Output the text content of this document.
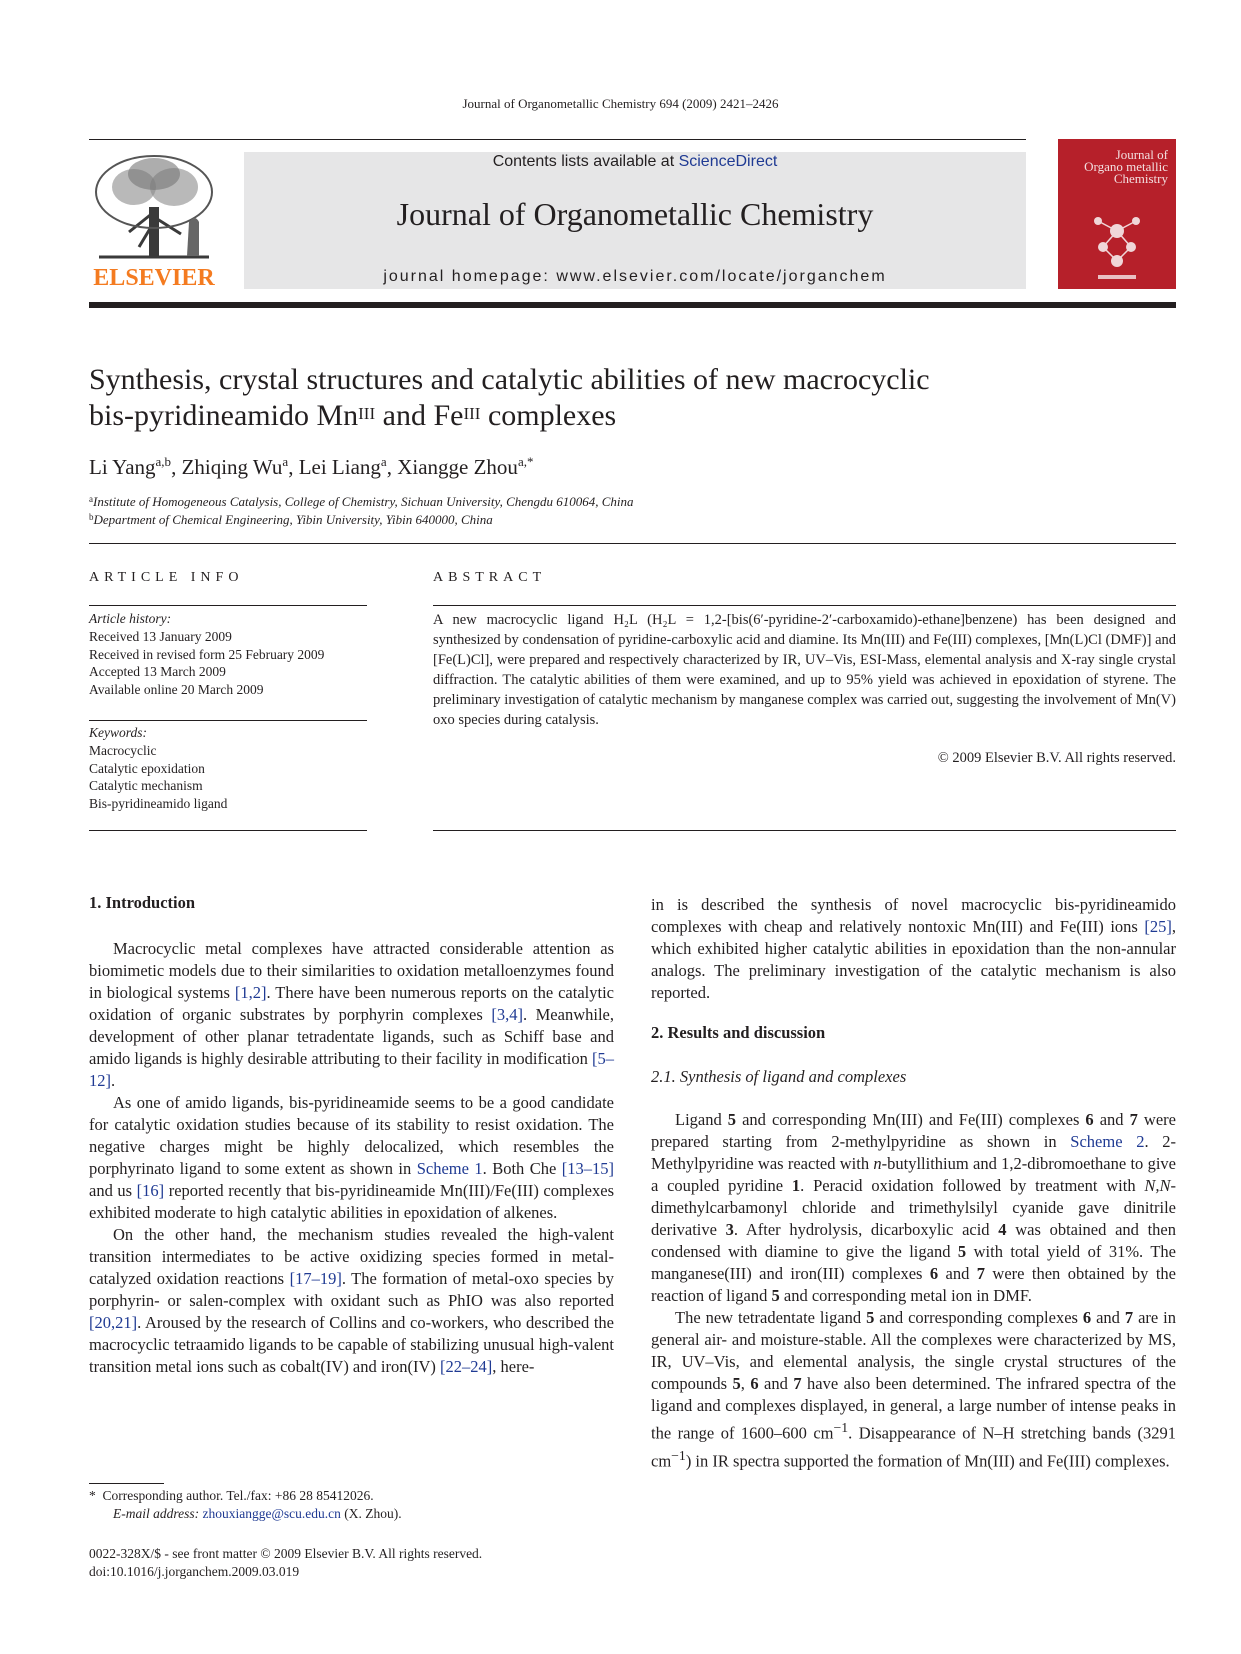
Journal of Organometallic Chemistry 694 (2009) 2421–2426
ELSEVIER
Contents lists available at ScienceDirect
Journal of Organometallic Chemistry
journal homepage: www.elsevier.com/locate/jorganchem
Journal of Organo metallic Chemistry
Synthesis, crystal structures and catalytic abilities of new macrocyclic
bis-pyridineamido $Mn^{III}$ and $Fe^{III}$ complexes
Li Yang$^{a,b}$, Zhiqing Wu$^a$, Lei Liang$^a$, Xiangge Zhou$^{a,*}$
$^a$Institute of Homogeneous Catalysis, College of Chemistry, Sichuan University, Chengdu 610064, China
$^b$Department of Chemical Engineering, Yibin University, Yibin 640000, China
ARTICLE INFO	ABSTRACT
Article history:
Received 13 January 2009
Received in revised form 25 February 2009
Accepted 13 March 2009
Available online 20 March 2009
Keywords:
Macrocyclic
Catalytic epoxidation
Catalytic mechanism
Bis-pyridineamido ligand
A new macrocyclic ligand H₂L (H₂L = 1,2-[bis(6′-pyridine-2′-carboxamido)-ethane]benzene) has been designed and synthesized by condensation of pyridine-carboxylic acid and diamine. Its Mn(III) and Fe(III) complexes, [Mn(L)Cl (DMF)] and [Fe(L)Cl], were prepared and respectively characterized by IR, UV–Vis, ESI-Mass, elemental analysis and X-ray single crystal diffraction. The catalytic abilities of them were examined, and up to 95% yield was achieved in epoxidation of styrene. The preliminary investigation of catalytic mechanism by manganese complex was carried out, suggesting the involvement of Mn(V) oxo species during catalysis.
© 2009 Elsevier B.V. All rights reserved.
1. Introduction

Macrocyclic metal complexes have attracted considerable attention as biomimetic models due to their similarities to oxidation metalloenzymes found in biological systems [1,2]. There have been numerous reports on the catalytic oxidation of organic substrates by porphyrin complexes [3,4]. Meanwhile, development of other planar tetradentate ligands, such as Schiff base and amido ligands is highly desirable attributing to their facility in modification [5–12].

As one of amido ligands, bis-pyridineamide seems to be a good candidate for catalytic oxidation studies because of its stability to resist oxidation. The negative charges might be highly delocalized, which resembles the porphyrinato ligand to some extent as shown in Scheme 1. Both Che [13–15] and us [16] reported recently that bis-pyridineamide Mn(III)/Fe(III) complexes exhibited moderate to high catalytic abilities in epoxidation of alkenes.

On the other hand, the mechanism studies revealed the high-valent transition intermediates to be active oxidizing species formed in metal-catalyzed oxidation reactions [17–19]. The formation of metal-oxo species by porphyrin- or salen-complex with oxidant such as PhIO was also reported [20,21]. Aroused by the research of Collins and co-workers, who described the macrocyclic tetraamido ligands to be capable of stabilizing unusual high-valent transition metal ions such as cobalt(IV) and iron(IV) [22–24], here-

in is described the synthesis of novel macrocyclic bis-pyridineamido complexes with cheap and relatively nontoxic Mn(III) and Fe(III) ions [25], which exhibited higher catalytic abilities in epoxidation than the non-annular analogs. The preliminary investigation of the catalytic mechanism is also reported.

2. Results and discussion
2.1. Synthesis of ligand and complexes

Ligand 5 and corresponding Mn(III) and Fe(III) complexes 6 and 7 were prepared starting from 2-methylpyridine as shown in Scheme 2. 2-Methylpyridine was reacted with n-butyllithium and 1,2-dibromoethane to give a coupled pyridine 1. Peracid oxidation followed by treatment with N,N-dimethylcarbamonyl chloride and trimethylsilyl cyanide gave dinitrile derivative 3. After hydrolysis, dicarboxylic acid 4 was obtained and then condensed with diamine to give the ligand 5 with total yield of 31%. The manganese(III) and iron(III) complexes 6 and 7 were then obtained by the reaction of ligand 5 and corresponding metal ion in DMF.

The new tetradentate ligand 5 and corresponding complexes 6 and 7 are in general air- and moisture-stable. All the complexes were characterized by MS, IR, UV–Vis, and elemental analysis, the single crystal structures of the compounds 5, 6 and 7 have also been determined. The infrared spectra of the ligand and complexes displayed, in general, a large number of intense peaks in the range of 1600–600 $cm^{-1}$. Disappearance of N–H stretching bands (3291 $cm^{-1}$) in IR spectra supported the formation of Mn(III) and Fe(III) complexes.

* Corresponding author. Tel./fax: +86 28 85412026.
E-mail address: zhouxiangge@scu.edu.cn (X. Zhou).
0022-328X/$ - see front matter © 2009 Elsevier B.V. All rights reserved.
doi:10.1016/j.jorganchem.2009.03.019
